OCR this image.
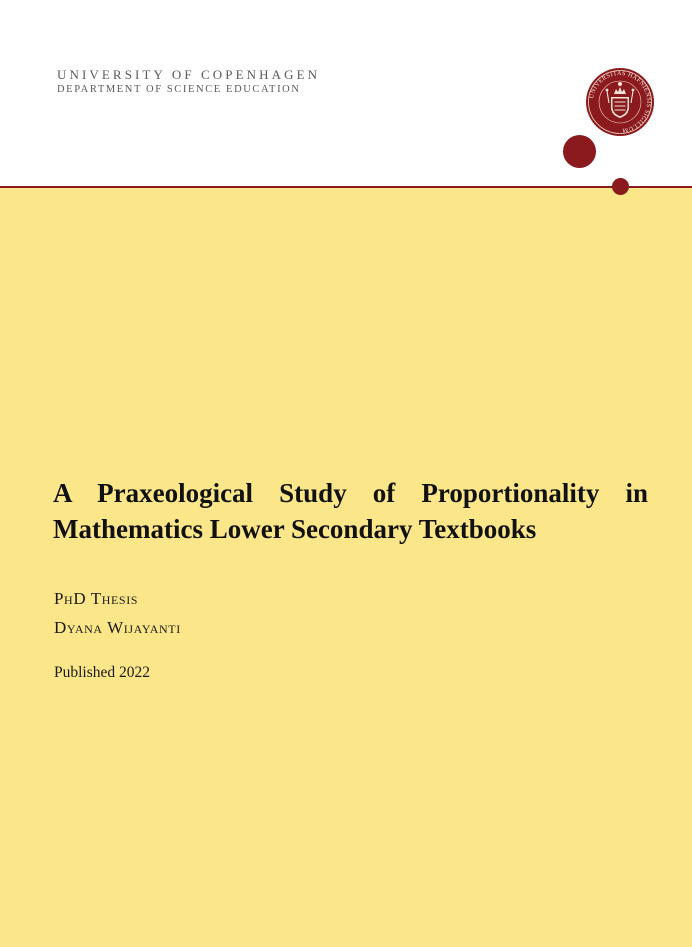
UNIVERSITY OF COPENHAGEN
DEPARTMENT OF SCIENCE EDUCATION
UNIVERSITAS HAFNIENSIS SIGILLUM
A Praxeological Study of Proportionality in
Mathematics Lower Secondary Textbooks
PhD Thesis
Dyana Wijayanti
Published 2022
